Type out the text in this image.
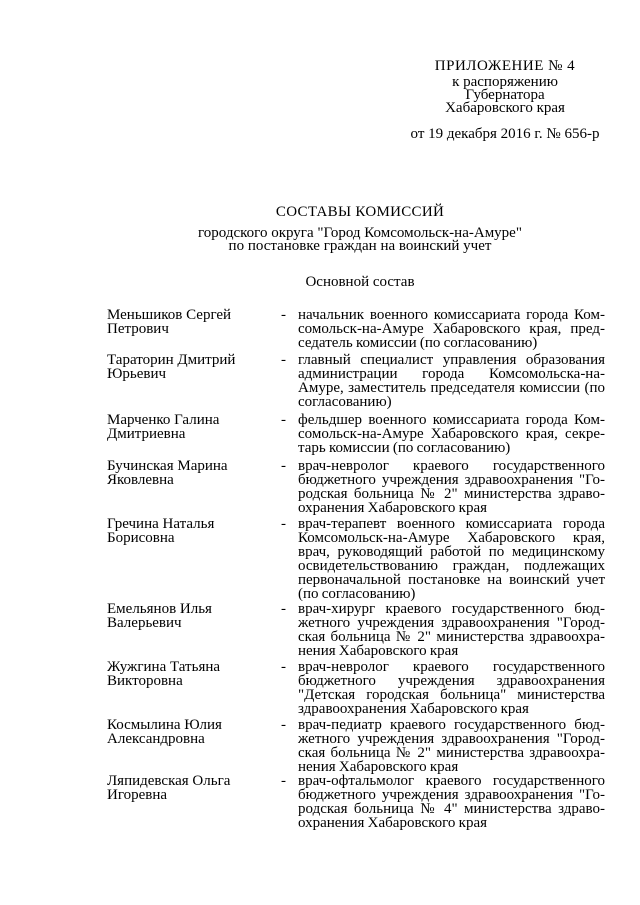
ПРИЛОЖЕНИЕ № 4
к распоряжению
Губернатора
Хабаровского края
от 19 декабря 2016 г. № 656-р
СОСТАВЫ КОМИССИЙ
городского округа "Город Комсомольск-на-Амуре"
по постановке граждан на воинский учет
Основной состав
Меньшиков Сергей
Петрович
- начальник военного комиссариата города Комсомольск-на-Амуре Хабаровского края, председатель комиссии (по согласованию)
Тараторин Дмитрий
Юрьевич
- главный специалист управления образования администрации города Комсомольска-на-Амуре, заместитель председателя комиссии (по согласованию)
Марченко Галина
Дмитриевна
- фельдшер военного комиссариата города Комсомольск-на-Амуре Хабаровского края, секретарь комиссии (по согласованию)
Бучинская Марина
Яковлевна
- врач-невролог краевого государственного бюджетного учреждения здравоохранения "Городская больница № 2" министерства здравоохранения Хабаровского края
Гречина Наталья
Борисовна
- врач-терапевт военного комиссариата города Комсомольск-на-Амуре Хабаровского края, врач, руководящий работой по медицинскому освидетельствованию граждан, подлежащих первоначальной постановке на воинский учет (по согласованию)
Емельянов Илья
Валерьевич
- врач-хирург краевого государственного бюджетного учреждения здравоохранения "Городская больница № 2" министерства здравоохранения Хабаровского края
Жужгина Татьяна
Викторовна
- врач-невролог краевого государственного бюджетного учреждения здравоохранения "Детская городская больница" министерства здравоохранения Хабаровского края
Космылина Юлия
Александровна
- врач-педиатр краевого государственного бюджетного учреждения здравоохранения "Городская больница № 2" министерства здравоохранения Хабаровского края
Ляпидевская Ольга
Игоревна
- врач-офтальмолог краевого государственного бюджетного учреждения здравоохранения "Городская больница № 4" министерства здравоохранения Хабаровского края
